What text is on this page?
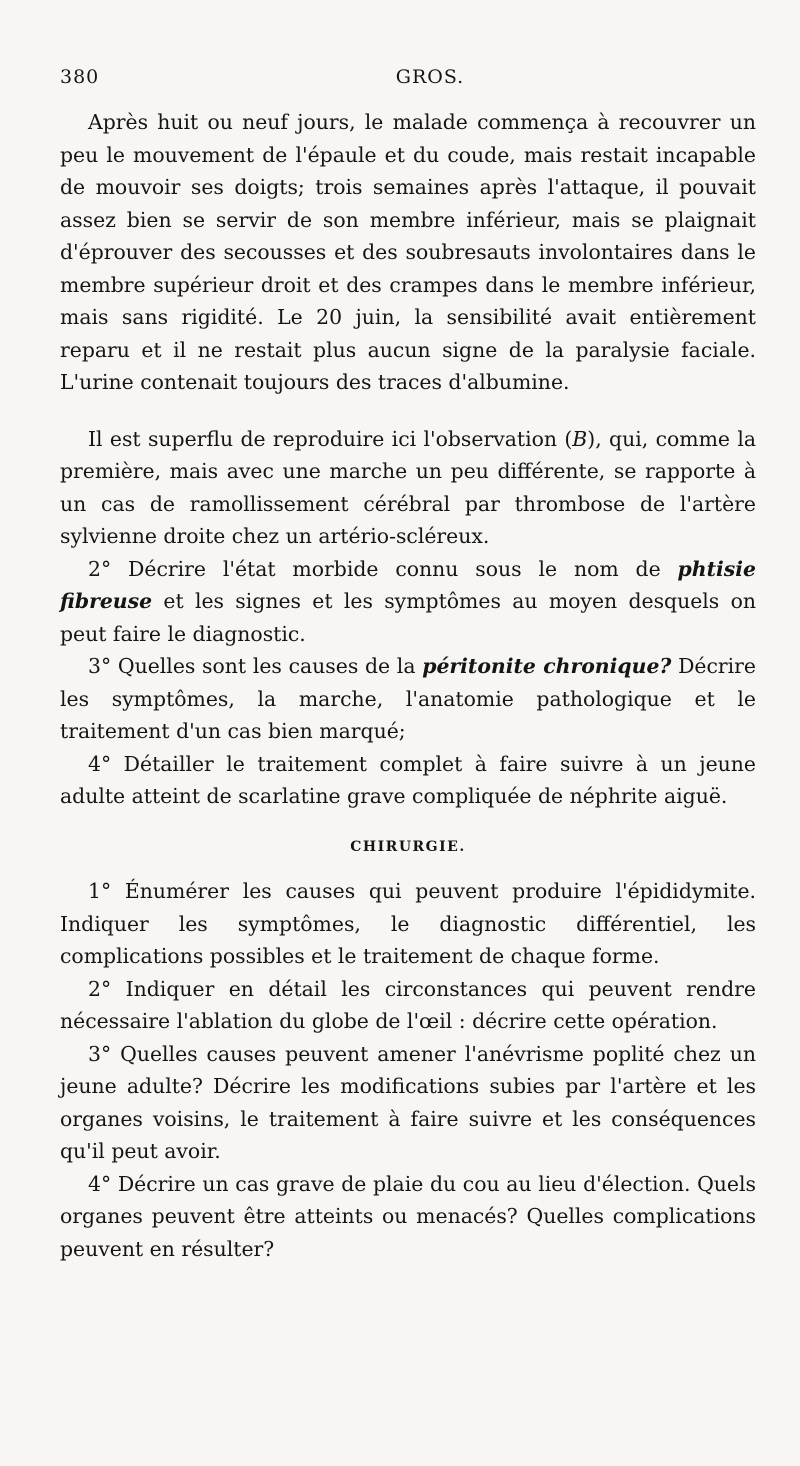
380	GROS.

Après huit ou neuf jours, le malade commença à recouvrer un peu le mouvement de l'épaule et du coude, mais restait incapable de mouvoir ses doigts; trois semaines après l'attaque, il pouvait assez bien se servir de son membre inférieur, mais se plaignait d'éprouver des secousses et des soubresauts involontaires dans le membre supérieur droit et des crampes dans le membre inférieur, mais sans rigidité. Le 20 juin, la sensibilité avait entièrement reparu et il ne restait plus aucun signe de la paralysie faciale. L'urine contenait toujours des traces d'albumine.

Il est superflu de reproduire ici l'observation (B), qui, comme la première, mais avec une marche un peu différente, se rapporte à un cas de ramollissement cérébral par thrombose de l'artère sylvienne droite chez un artério-scléreux.

2° Décrire l'état morbide connu sous le nom de phtisie fibreuse et les signes et les symptômes au moyen desquels on peut faire le diagnostic.

3° Quelles sont les causes de la péritonite chronique? Décrire les symptômes, la marche, l'anatomie pathologique et le traitement d'un cas bien marqué;

4° Détailler le traitement complet à faire suivre à un jeune adulte atteint de scarlatine grave compliquée de néphrite aiguë.

CHIRURGIE.

1° Énumérer les causes qui peuvent produire l'épididymite. Indiquer les symptômes, le diagnostic différentiel, les complications possibles et le traitement de chaque forme.

2° Indiquer en détail les circonstances qui peuvent rendre nécessaire l'ablation du globe de l'œil : décrire cette opération.

3° Quelles causes peuvent amener l'anévrisme poplité chez un jeune adulte? Décrire les modifications subies par l'artère et les organes voisins, le traitement à faire suivre et les conséquences qu'il peut avoir.

4° Décrire un cas grave de plaie du cou au lieu d'élection. Quels organes peuvent être atteints ou menacés? Quelles complications peuvent en résulter?
